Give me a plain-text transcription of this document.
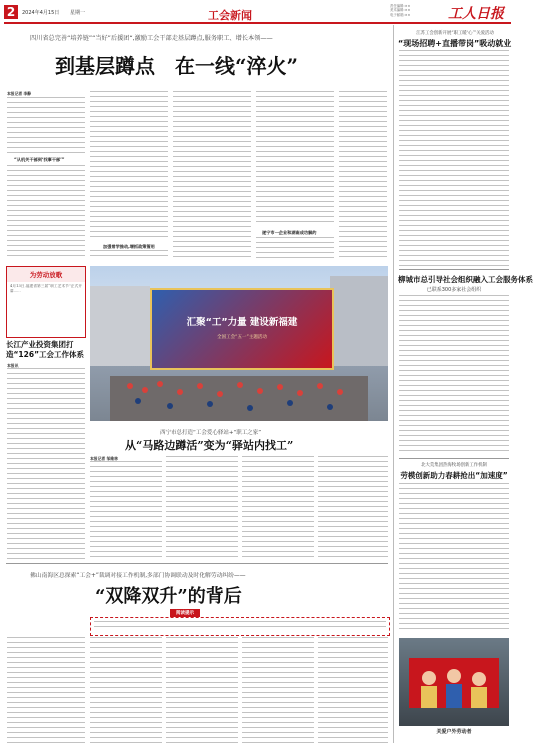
2	2024年4月15日 星期一	工会新闻
责任编辑:××
美术编辑:××
电子邮箱:××	工人日报
四川省总完善“培养链”“当好”后援团“,激励工会干部走基层蹲点,服务职工、增长本领——
到基层蹲点　在一线“淬火”
本报记者 李静
“从机关干部到‘找事干部’”
加强常学推动,增抓政策管用
遂宁市一企业和湖南成功解约
为劳动放歌
4月13日,福建省第三届“职工艺术节”正式开幕……
长江产业投资集团打造“126”工会工作体系
本报讯
汇聚“工”力量 建设新福建
全国工会“五一”主题活动
西宁市总打造“工会爱心驿站+“职工之家”
从“马路边蹲活”变为“驿站内找工”
本报记者 邹维林
佛山南海区总探索“工会+”裁调对接工作机制,多部门协调联动及时化解劳动纠纷——
“双降双升”的背后
阅读提示
江苏工会创新开展“职工暖‘心’”关爱活动
“现场招聘+直播带岗”吸动就业
柳城市总引导社会组织融入工会服务体系
已联系300多家社会组织
北大荒集团热海牧场创新工作机制
劳模创新助力春耕抢出“加速度”
关爱户外劳动者
